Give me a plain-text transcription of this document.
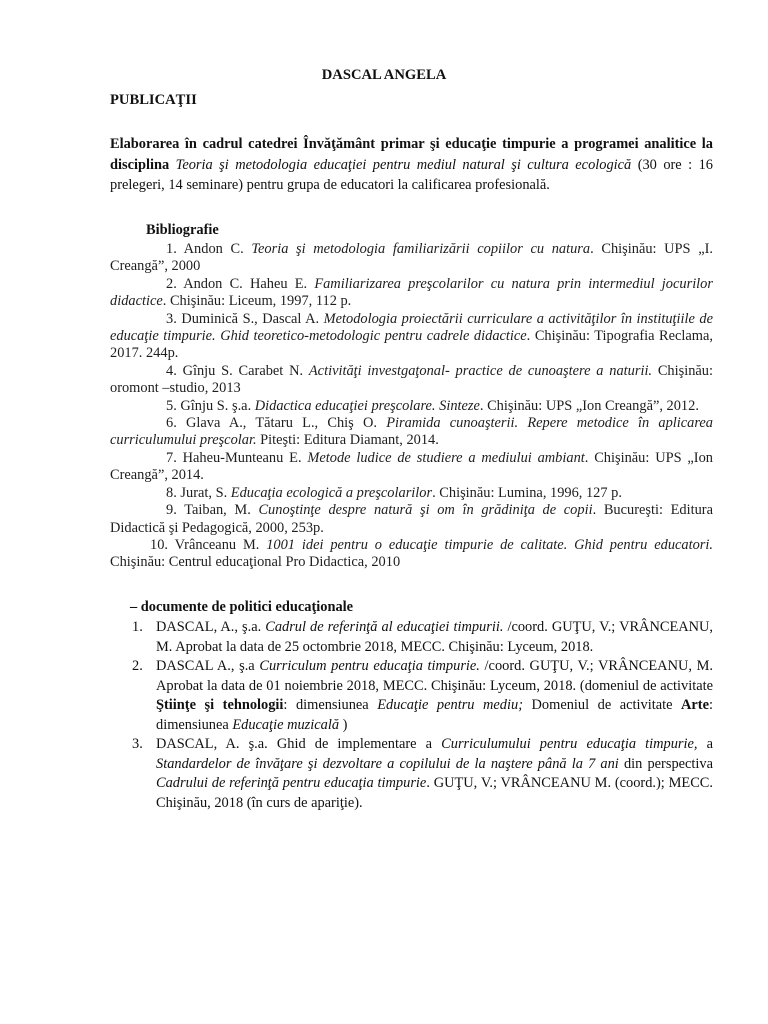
DASCAL ANGELA
PUBLICAŢII
Elaborarea în cadrul catedrei Învăţământ primar şi educaţie timpurie a programei analitice la disciplina Teoria şi metodologia educaţiei pentru mediul natural şi cultura ecologică (30 ore : 16 prelegeri, 14 seminare) pentru grupa de educatori la calificarea profesională.
Bibliografie
1. Andon C. Teoria şi metodologia familiarizării copiilor cu natura. Chişinău: UPS „I. Creangă”, 2000
2. Andon C. Haheu E. Familiarizarea preşcolarilor cu natura prin intermediul jocurilor didactice. Chişinău: Liceum, 1997, 112 p.
3. Duminică S., Dascal A. Metodologia proiectării curriculare a activităţilor în instituţiile de educaţie timpurie. Ghid teoretico-metodologic pentru cadrele didactice. Chişinău: Tipografia Reclama, 2017. 244p.
4. Gînju S. Carabet N. Activităţi investgaţonal- practice de cunoaştere a naturii. Chişinău: oromont –studio, 2013
5. Gînju S. ş.a. Didactica educaţiei preşcolare. Sinteze. Chişinău: UPS „Ion Creangă”, 2012.
6. Glava A., Tătaru L., Chiş O. Piramida cunoaşterii. Repere metodice în aplicarea curriculumului preşcolar. Piteşti: Editura Diamant, 2014.
7. Haheu-Munteanu E. Metode ludice de studiere a mediului ambiant. Chişinău: UPS „Ion Creangă”, 2014.
8. Jurat, S. Educaţia ecologică a preşcolarilor. Chişinău: Lumina, 1996, 127 p.
9. Taiban, M. Cunoştinţe despre natură şi om în grădiniţa de copii. Bucureşti: Editura Didactică şi Pedagogică, 2000, 253p.
10. Vrânceanu M. 1001 idei pentru o educaţie timpurie de calitate. Ghid pentru educatori. Chişinău: Centrul educaţional Pro Didactica, 2010
– documente de politici educaţionale
1. DASCAL, A., ş.a. Cadrul de referinţă al educaţiei timpurii. /coord. GUŢU, V.; VRÂNCEANU, M. Aprobat la data de 25 octombrie 2018, MECC. Chişinău: Lyceum, 2018.
2. DASCAL A., ş.a Curriculum pentru educaţia timpurie. /coord. GUŢU, V.; VRÂNCEANU, M. Aprobat la data de 01 noiembrie 2018, MECC. Chişinău: Lyceum, 2018. (domeniul de activitate Ştiinţe şi tehnologii: dimensiunea Educaţie pentru mediu; Domeniul de activitate Arte: dimensiunea Educaţie muzicală )
3. DASCAL, A. ş.a. Ghid de implementare a Curriculumului pentru educaţia timpurie, a Standardelor de învăţare şi dezvoltare a copilului de la naştere până la 7 ani din perspectiva Cadrului de referinţă pentru educaţia timpurie. GUŢU, V.; VRÂNCEANU M. (coord.); MECC. Chişinău, 2018 (în curs de apariţie).
